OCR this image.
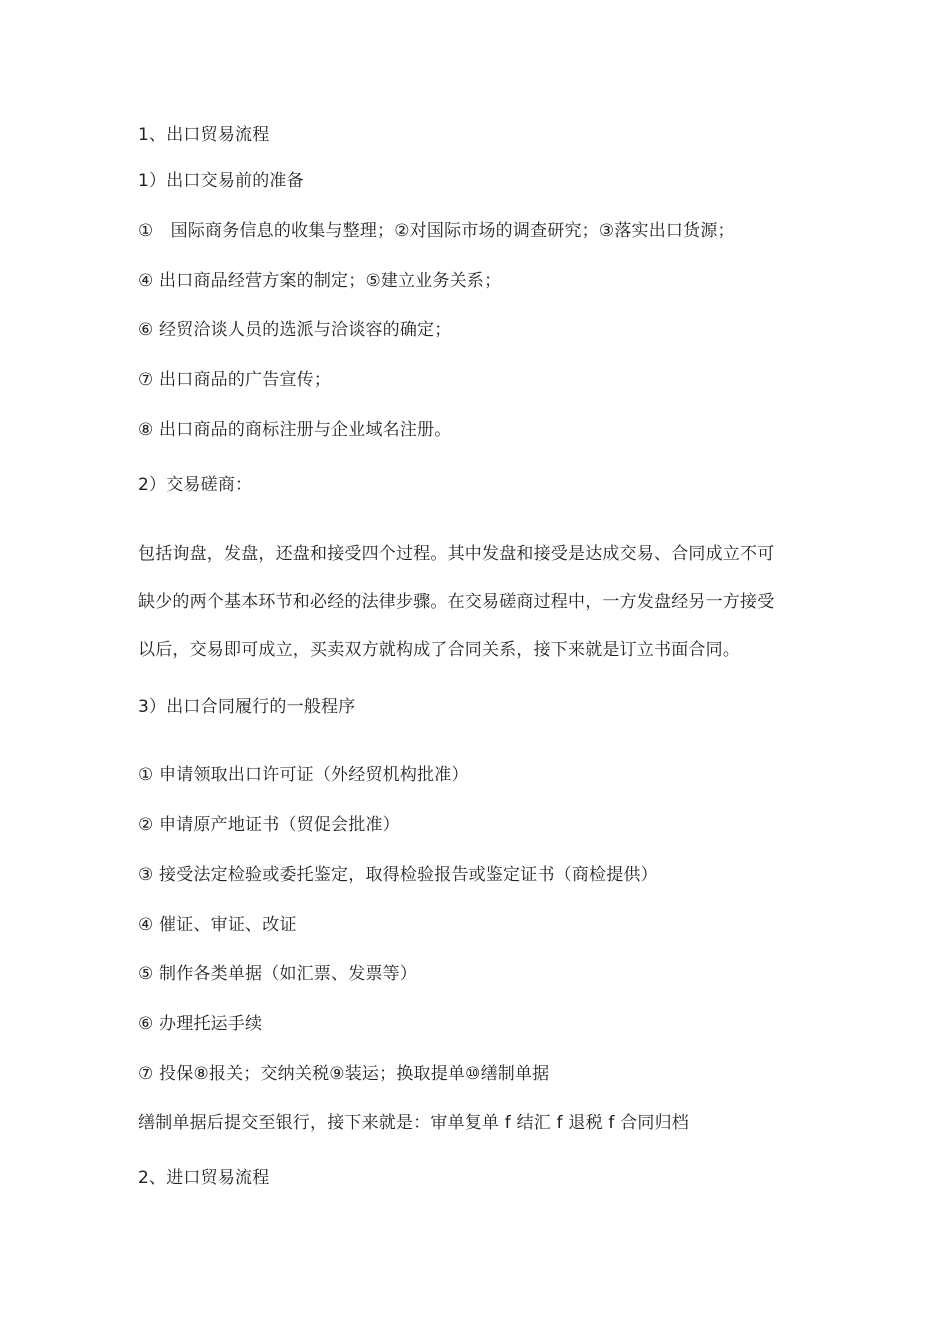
1、出口贸易流程
1）出口交易前的准备
①　国际商务信息的收集与整理；②对国际市场的调查研究；③落实出口货源；
④ 出口商品经营方案的制定；⑤建立业务关系；
⑥ 经贸洽谈人员的选派与洽谈容的确定；
⑦ 出口商品的广告宣传；
⑧ 出口商品的商标注册与企业域名注册。
2）交易磋商：
包括询盘，发盘，还盘和接受四个过程。其中发盘和接受是达成交易、合同成立不可
缺少的两个基本环节和必经的法律步骤。在交易磋商过程中，一方发盘经另一方接受
以后，交易即可成立，买卖双方就构成了合同关系，接下来就是订立书面合同。
3）出口合同履行的一般程序
① 申请领取出口许可证（外经贸机构批准）
② 申请原产地证书（贸促会批准）
③ 接受法定检验或委托鉴定，取得检验报告或鉴定证书（商检提供）
④ 催证、审证、改证
⑤ 制作各类单据（如汇票、发票等）
⑥ 办理托运手续
⑦ 投保⑧报关；交纳关税⑨装运；换取提单⑩缮制单据
缮制单据后提交至银行，接下来就是：审单复单 f 结汇 f 退税 f 合同归档
2、进口贸易流程
